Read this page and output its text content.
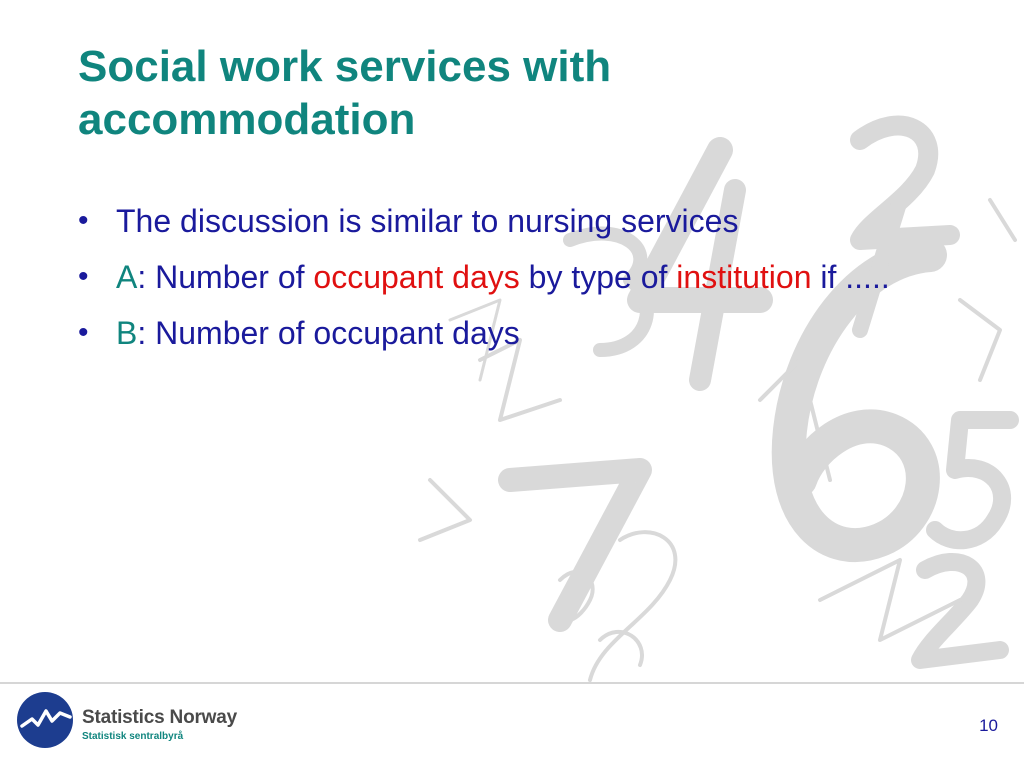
Social work services with accommodation
• The discussion is similar to nursing services
• A: Number of occupant days by type of institution if .....
• B: Number of occupant days
Statistics Norway
Statistisk sentralbyrå
10
